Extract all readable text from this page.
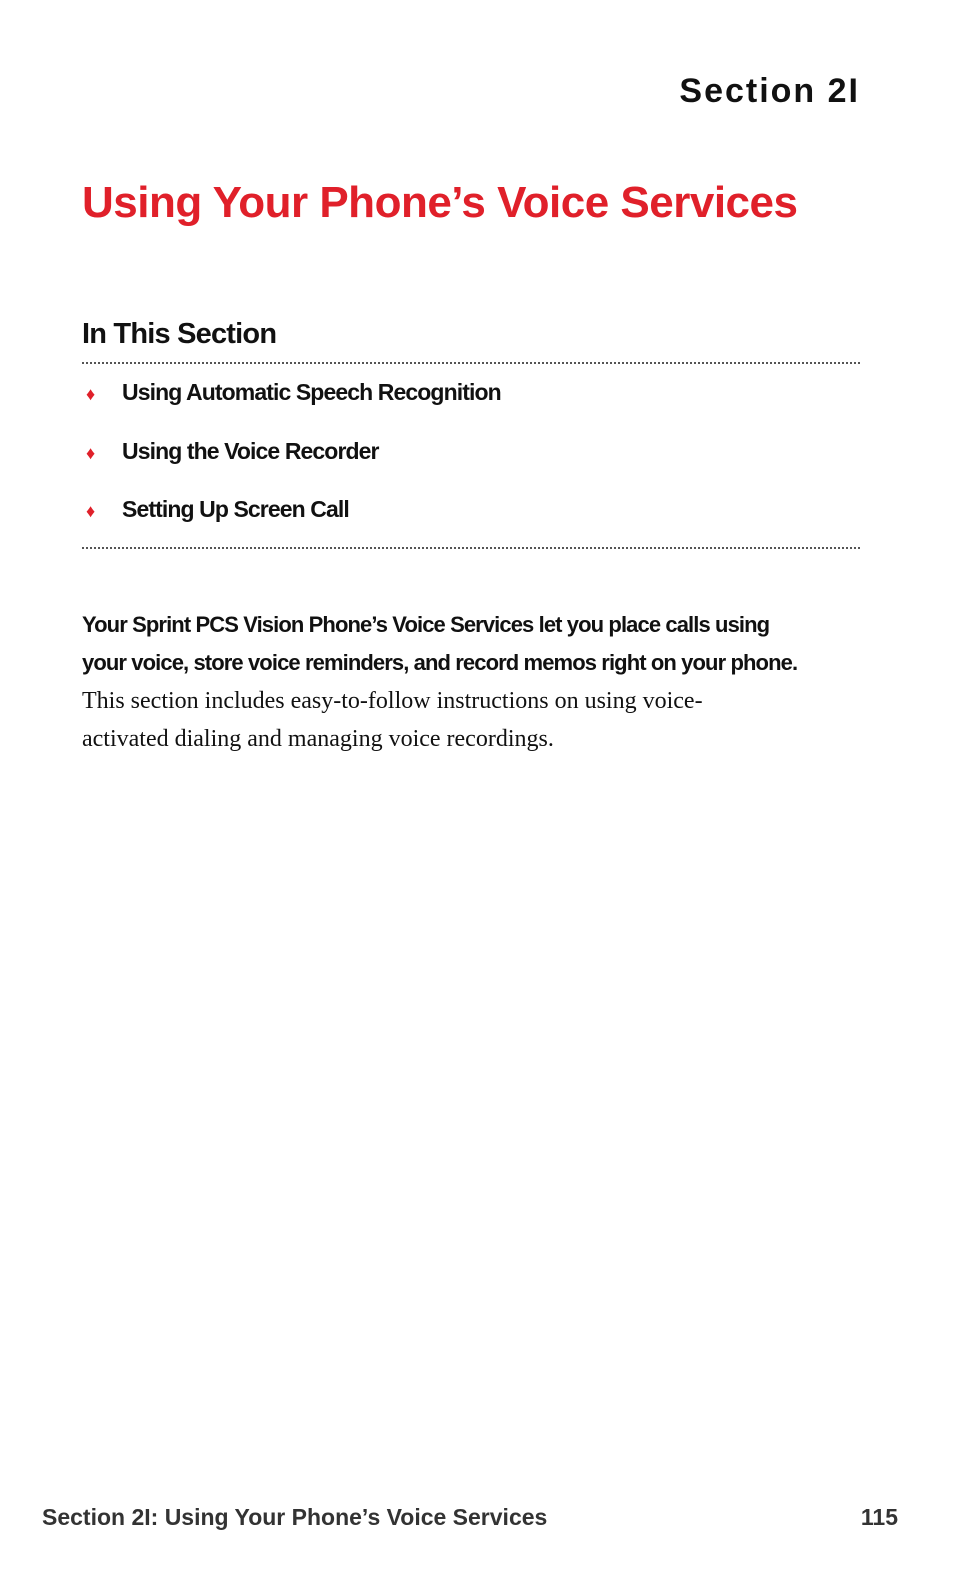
Section 2I
Using Your Phone’s Voice Services
In This Section
♦	Using Automatic Speech Recognition
♦	Using the Voice Recorder
♦	Setting Up Screen Call
Your Sprint PCS Vision Phone’s Voice Services let you place calls using
your voice, store voice reminders, and record memos right on your phone.
This section includes easy-to-follow instructions on using voice-
activated dialing and managing voice recordings.
Section 2I: Using Your Phone’s Voice Services	115
